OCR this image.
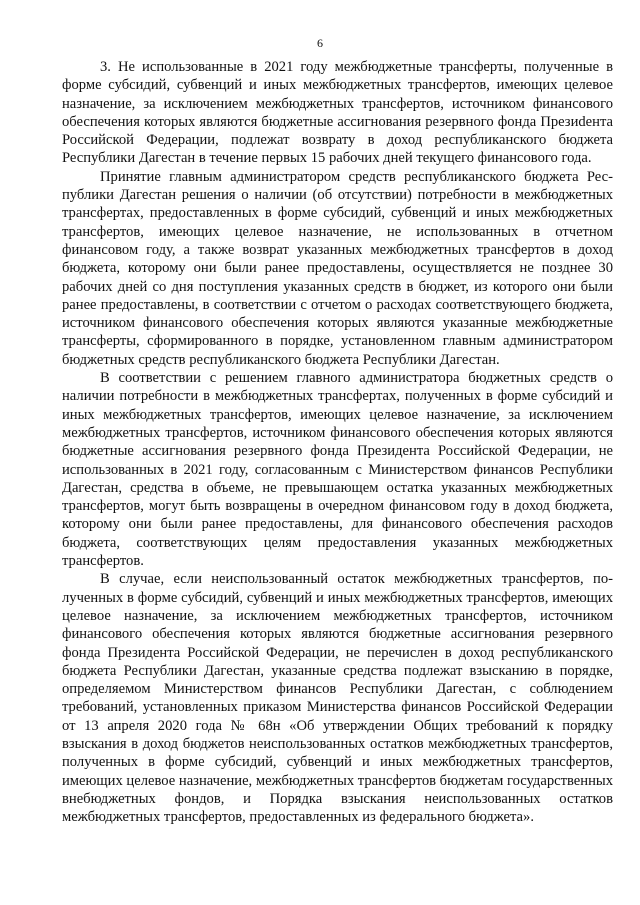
6

3. Не использованные в 2021 году межбюджетные трансферты, полученные в форме субсидий, субвенций и иных межбюджетных трансфертов, имеющих целевое назначение, за исключением межбюджетных трансфертов, источником финансового обеспечения которых являются бюджетные ассигнования резервного фонда Презиdента Российской Федерации, подлежат возврату в доход республиканского бюджета Республики Дагестан в течение первых 15 рабочих дней текущего финансового года.

Принятие главным администратором средств республиканского бюджета Республики Дагестан решения о наличии (об отсутствии) потребности в межбюджетных трансфертах, предоставленных в форме субсидий, субвенций и иных межбюджетных трансфертов, имеющих целевое назначение, не использованных в отчетном финансовом году, а также возврат указанных межбюджетных трансфертов в доход бюджета, которому они были ранее предоставлены, осуществляется не позднее 30 рабочих дней со дня поступления указанных средств в бюджет, из которого они были ранее предоставлены, в соответствии с отчетом о расходах соответствующего бюджета, источником финансового обеспечения которых являются указанные межбюджетные трансферты, сформированного в порядке, установленном главным администратором бюджетных средств республиканского бюджета Республики Дагестан.

В соответствии с решением главного администратора бюджетных средств о наличии потребности в межбюджетных трансфертах, полученных в форме субсидий и иных межбюджетных трансфертов, имеющих целевое назначение, за исключением межбюджетных трансфертов, источником финансового обеспечения которых являются бюджетные ассигнования резервного фонда Президента Российской Федерации, не использованных в 2021 году, согласованным с Министерством финансов Республики Дагестан, средства в объеме, не превышающем остатка указанных межбюджетных трансфертов, могут быть возвращены в очередном финансовом году в доход бюджета, которому они были ранее предоставлены, для финансового обеспечения расходов бюджета, соответствующих целям предоставления указанных межбюджетных трансфертов.

В случае, если неиспользованный остаток межбюджетных трансфертов, полученных в форме субсидий, субвенций и иных межбюджетных трансфертов, имеющих целевое назначение, за исключением межбюджетных трансфертов, источником финансового обеспечения которых являются бюджетные ассигнования резервного фонда Президента Российской Федерации, не перечислен в доход республиканского бюджета Республики Дагестан, указанные средства подлежат взысканию в порядке, определяемом Министерством финансов Республики Дагестан, с соблюдением требований, установленных приказом Министерства финансов Российской Федерации от 13 апреля 2020 года № 68н «Об утверждении Общих требований к порядку взыскания в доход бюджетов неиспользованных остатков межбюджетных трансфертов, полученных в форме субсидий, субвенций и иных межбюджетных трансфертов, имеющих целевое назначение, межбюджетных трансфертов бюджетам государственных внебюджетных фондов, и Порядка взыскания неиспользованных остатков межбюджетных трансфертов, предоставленных из федерального бюджета».
